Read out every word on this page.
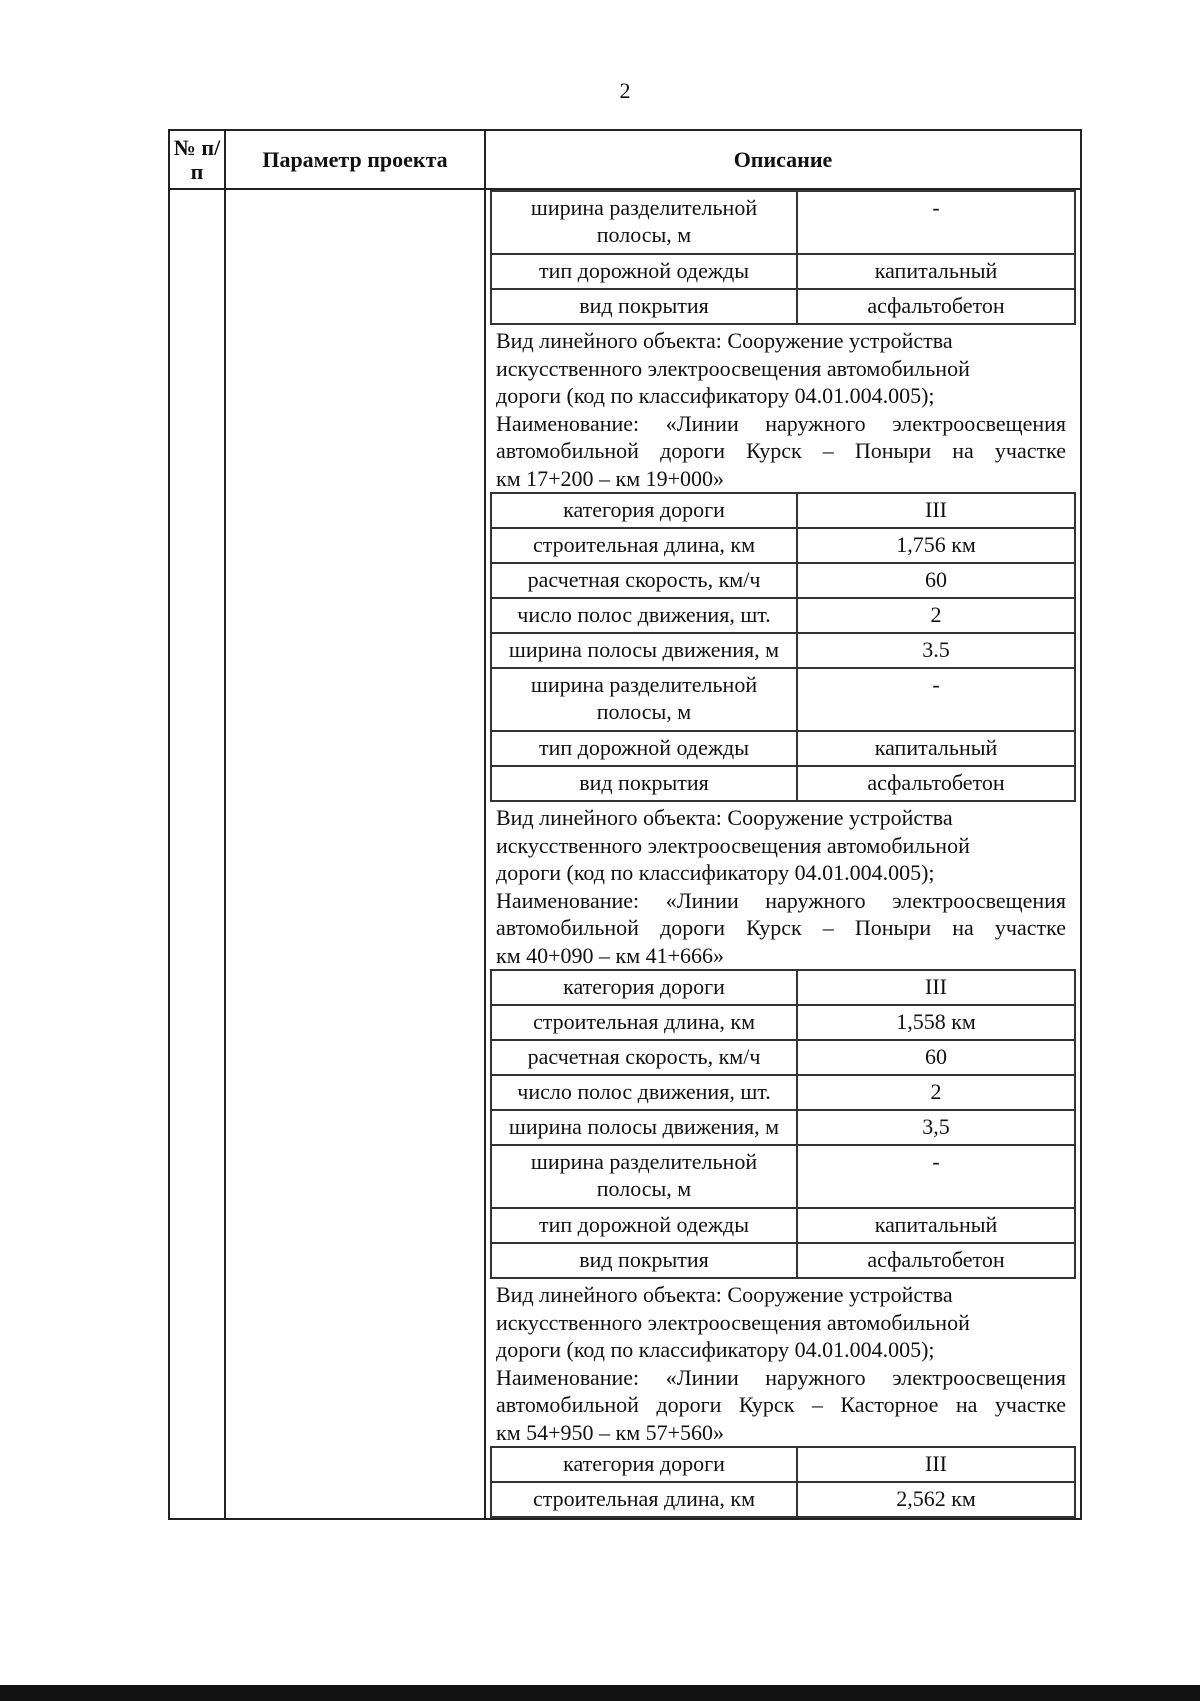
2
№ п/п	Параметр проекта	Описание

ширина разделительной полосы, м	-
тип дорожной одежды	капитальный
вид покрытия	асфальтобетон
Вид линейного объекта: Сооружение устройства
искусственного электроосвещения автомобильной
дороги (код по классификатору 04.01.004.005);
Наименование: «Линии наружного электроосвещения
автомобильной дороги Курск – Поныри на участке
км 17+200 – км 19+000»
категория дороги	III
строительная длина, км	1,756 км
расчетная скорость, км/ч	60
число полос движения, шт.	2
ширина полосы движения, м	3.5
ширина разделительной полосы, м	-
тип дорожной одежды	капитальный
вид покрытия	асфальтобетон
Вид линейного объекта: Сооружение устройства
искусственного электроосвещения автомобильной
дороги (код по классификатору 04.01.004.005);
Наименование: «Линии наружного электроосвещения
автомобильной дороги Курск – Поныри на участке
км 40+090 – км 41+666»
категория дороги	III
строительная длина, км	1,558 км
расчетная скорость, км/ч	60
число полос движения, шт.	2
ширина полосы движения, м	3,5
ширина разделительной полосы, м	-
тип дорожной одежды	капитальный
вид покрытия	асфальтобетон
Вид линейного объекта: Сооружение устройства
искусственного электроосвещения автомобильной
дороги (код по классификатору 04.01.004.005);
Наименование: «Линии наружного электроосвещения
автомобильной дороги Курск – Касторное на участке
км 54+950 – км 57+560»
категория дороги	III
строительная длина, км	2,562 км
